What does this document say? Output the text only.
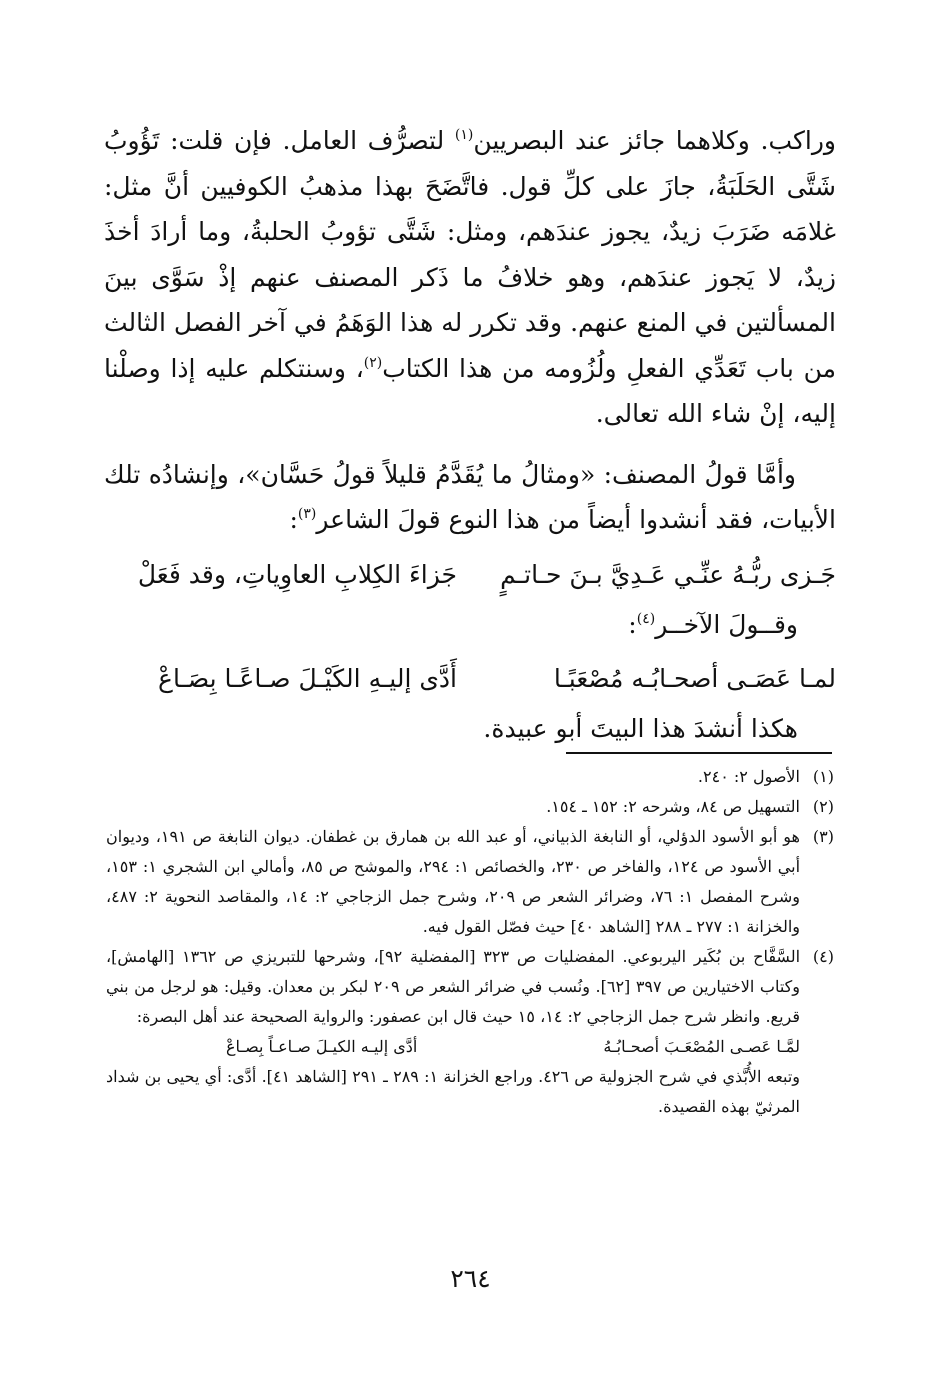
وراكب. وكلاهما جائز عند البصريين$^{(١)}$ لتصرُّف العامل. فإن قلت: تَؤُوبُ شَتَّى الحَلَبَةُ، جازَ على كلِّ قول. فاتَّضَحَ بهذا مذهبُ الكوفيين أنَّ مثل: غلامَه ضَرَبَ زيدٌ، يجوز عندَهم، ومثل: شَتَّى تؤوبُ الحلبةُ، وما أرادَ أخذَ زيدٌ، لا يَجوز عندَهم، وهو خلافُ ما ذَكر المصنف عنهم إذْ سَوَّى بينَ المسألتين في المنع عنهم. وقد تكرر له هذا الوَهَمُ في آخر الفصل الثالث من باب تَعَدِّي الفعلِ ولُزُومه من هذا الكتاب$^{(٢)}$، وسنتكلم عليه إذا وصلْنا إليه، إنْ شاء الله تعالى.

وأمَّا قولُ المصنف: «ومثالُ ما يُقَدَّمُ قليلاً قولُ حَسَّان»، وإنشادُه تلك الأبيات، فقد أنشدوا أيضاً من هذا النوع قولَ الشاعر$^{(٣)}$:

جَـزى ربُّـهُ عنِّـي عَـدِيَّ بـنَ حـاتـمٍ
جَزاءَ الكِلابِ العاوِياتِ، وقد فَعَلْ

وقــولَ الآخــر$^{(٤)}$:

لمـا عَصَـى أصحـابُـه مُصْعَبًـا
أَدَّى إليـهِ الكَيْـلَ صـاعًـا بِصَـاعْ

هكذا أنشدَ هذا البيتَ أبو عبيدة.

(١)
الأصول ٢: ٢٤٠.
(٢)
التسهيل ص ٨٤، وشرحه ٢: ١٥٢ ـ ١٥٤.
(٣)
هو أبو الأسود الدؤلي، أو النابغة الذبياني، أو عبد الله بن همارق بن غطفان. ديوان النابغة ص ١٩١، وديوان أبي الأسود ص ١٢٤، والفاخر ص ٢٣٠، والخصائص ١: ٢٩٤، والموشح ص ٨٥، وأمالي ابن الشجري ١: ١٥٣، وشرح المفصل ١: ٧٦، وضرائر الشعر ص ٢٠٩، وشرح جمل الزجاجي ٢: ١٤، والمقاصد النحوية ٢: ٤٨٧، والخزانة ١: ٢٧٧ ـ ٢٨٨ [الشاهد ٤٠] حيث فصّل القول فيه.
(٤)
السَّفَّاح بن بُكَير اليربوعي. المفضليات ص ٣٢٣ [المفضلية ٩٢]، وشرحها للتبريزي ص ١٣٦٢ [الهامش]، وكتاب الاختيارين ص ٣٩٧ [٦٢]. ونُسب في ضرائر الشعر ص ٢٠٩ لبكر بن معدان. وقيل: هو لرجل من بني قريع. وانظر شرح جمل الزجاجي ٢: ١٤، ١٥ حيث قال ابن عصفور: والرواية الصحيحة عند أهل البصرة:
لمَّـا عَصـى المُصْعَـبَ أصحـابُـهُ
أدَّى إليـه الكيـلَ صـاعـاً بِصـاعْ
وتبعه الأُبَّذي في شرح الجزولية ص ٤٢٦. وراجع الخزانة ١: ٢٨٩ ـ ٢٩١ [الشاهد ٤١]. أدَّى: أي يحيى بن شداد المرثيّ بهذه القصيدة.
٢٦٤
